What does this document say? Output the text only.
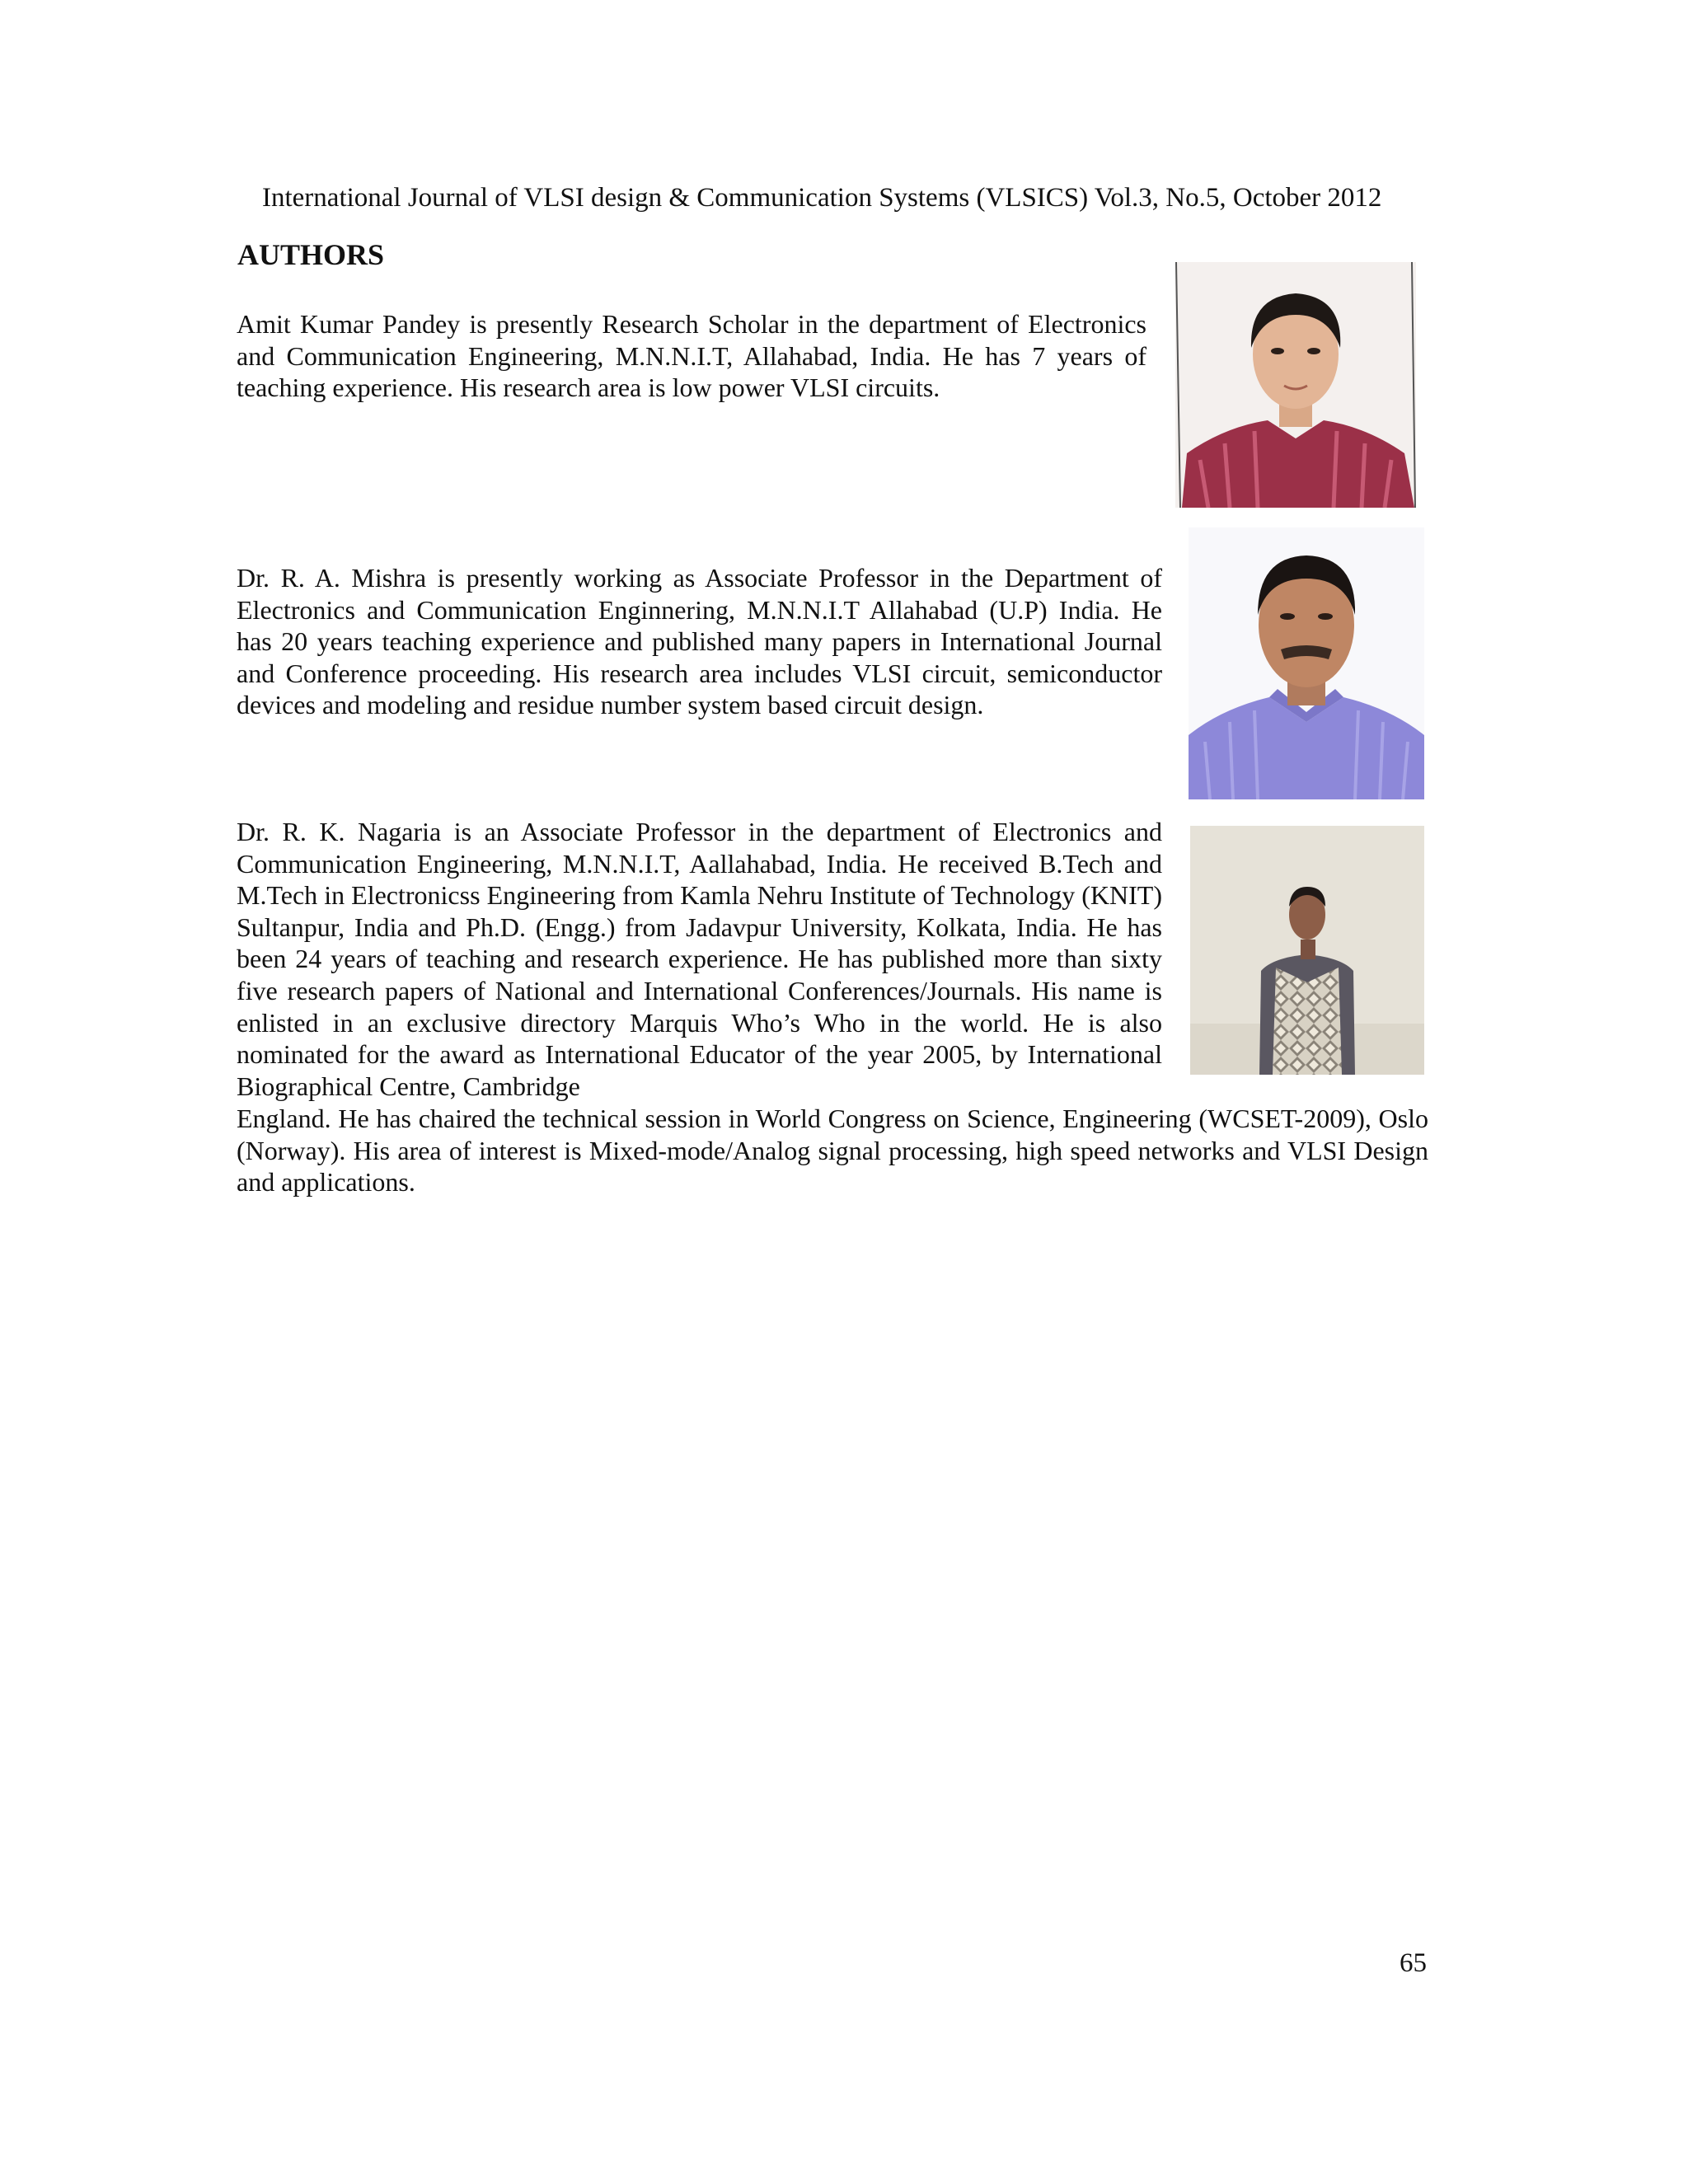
International Journal of VLSI design & Communication Systems (VLSICS) Vol.3, No.5, October 2012
AUTHORS

Amit Kumar Pandey is presently Research Scholar in the department of Electronics and Communication Engineering, M.N.N.I.T, Allahabad, India. He has 7 years of teaching experience. His research area is low power VLSI circuits.

Dr. R. A. Mishra is presently working as Associate Professor in the Department of Electronics and Communication Enginnering, M.N.N.I.T Allahabad (U.P) India. He has 20 years teaching experience and published many papers in International Journal and Conference proceeding. His research area includes VLSI circuit, semiconductor devices and modeling and residue number system based circuit design.

Dr. R. K. Nagaria is an Associate Professor in the department of Electronics and Communication Engineering, M.N.N.I.T, Aallahabad, India. He received B.Tech and M.Tech in Electronicss Engineering from Kamla Nehru Institute of Technology (KNIT) Sultanpur, India and Ph.D. (Engg.) from Jadavpur University, Kolkata, India. He has been 24 years of teaching and research experience. He has published more than sixty five research papers of National and International Conferences/Journals. His name is enlisted in an exclusive directory Marquis Who’s Who in the world. He is also nominated for the award as International Educator of the year 2005, by International Biographical Centre, Cambridge

England. He has chaired the technical session in World Congress on Science, Engineering (WCSET-2009), Oslo (Norway). His area of interest is Mixed-mode/Analog signal processing, high speed networks and VLSI Design and applications.

65
